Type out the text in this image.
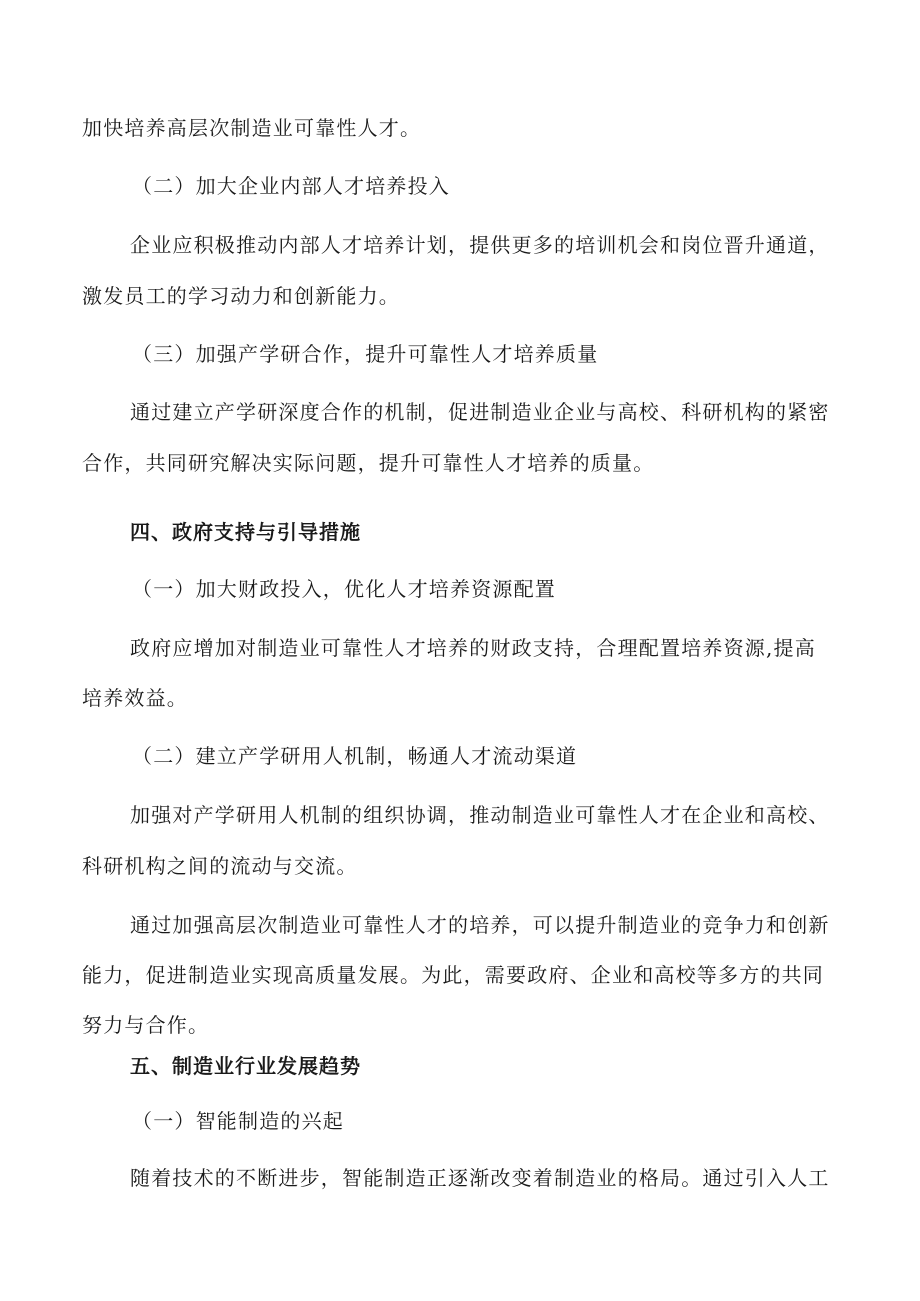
加快培养高层次制造业可靠性人才。
（二）加大企业内部人才培养投入
企业应积极推动内部人才培养计划，提供更多的培训机会和岗位晋升通道，
激发员工的学习动力和创新能力。
（三）加强产学研合作，提升可靠性人才培养质量
通过建立产学研深度合作的机制，促进制造业企业与高校、科研机构的紧密
合作，共同研究解决实际问题，提升可靠性人才培养的质量。
四、政府支持与引导措施
（一）加大财政投入，优化人才培养资源配置
政府应增加对制造业可靠性人才培养的财政支持，合理配置培养资源,提高
培养效益。
（二）建立产学研用人机制，畅通人才流动渠道
加强对产学研用人机制的组织协调，推动制造业可靠性人才在企业和高校、
科研机构之间的流动与交流。
通过加强高层次制造业可靠性人才的培养，可以提升制造业的竞争力和创新
能力，促进制造业实现高质量发展。为此，需要政府、企业和高校等多方的共同
努力与合作。
五、制造业行业发展趋势
（一）智能制造的兴起
随着技术的不断进步，智能制造正逐渐改变着制造业的格局。通过引入人工
